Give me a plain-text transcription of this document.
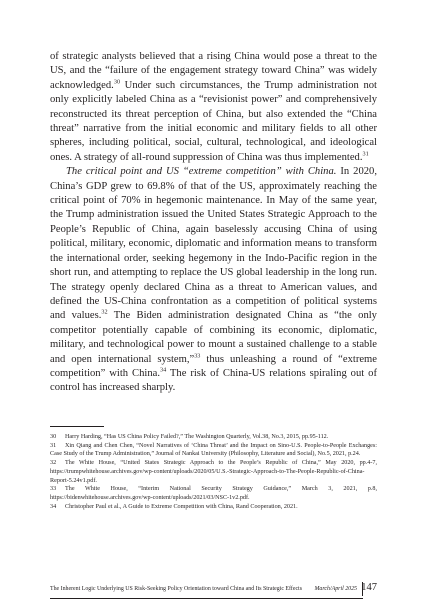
of strategic analysts believed that a rising China would pose a threat to the US, and the “failure of the engagement strategy toward China” was widely acknowledged.$^{30}$ Under such circumstances, the Trump administration not only explicitly labeled China as a “revisionist power” and comprehensively reconstructed its threat perception of China, but also extended the “China threat” narrative from the initial economic and military fields to all other spheres, including political, social, cultural, technological, and ideological ones. A strategy of all-round suppression of China was thus implemented.$^{31}$

The critical point and US “extreme competition” with China. In 2020, China’s GDP grew to 69.8% of that of the US, approximately reaching the critical point of 70% in hegemonic maintenance. In May of the same year, the Trump administration issued the United States Strategic Approach to the People’s Republic of China, again baselessly accusing China of using political, military, economic, diplomatic and information means to transform the international order, seeking hegemony in the Indo-Pacific region in the short run, and attempting to replace the US global leadership in the long run. The strategy openly declared China as a threat to American values, and defined the US-China confrontation as a competition of political systems and values.$^{32}$ The Biden administration designated China as “the only competitor potentially capable of combining its economic, diplomatic, military, and technological power to mount a sustained challenge to a stable and open international system,”$^{33}$ thus unleashing a round of “extreme competition” with China.$^{34}$ The risk of China-US relations spiraling out of control has increased sharply.

30 Harry Harding, “Has US China Policy Failed?,” The Washington Quarterly, Vol.38, No.3, 2015, pp.95-112.

31 Xin Qiang and Chen Chen, “Novel Narratives of ‘China Threat’ and the Impact on Sino-U.S. People-to-People Exchanges: Case Study of the Trump Administration,” Journal of Nankai University (Philosophy, Literature and Social), No.5, 2021, p.24.

32 The White House, “United States Strategic Approach to the People’s Republic of China,” May 2020, pp.4-7, https://trumpwhitehouse.archives.gov/wp-content/uploads/2020/05/U.S.-Strategic-Approach-to-The-People-Republic-of-China-Report-5.24v1.pdf.

33 The White House, “Interim National Security Strategy Guidance,” March 3, 2021, p.8, https://bidenwhitehouse.archives.gov/wp-content/uploads/2021/03/NSC-1v2.pdf.

34 Christopher Paul et al., A Guide to Extreme Competition with China, Rand Cooperation, 2021.

The Inherent Logic Underlying US Risk-Seeking Policy Orientation toward China and Its Strategic Effects March/April 2025 147
